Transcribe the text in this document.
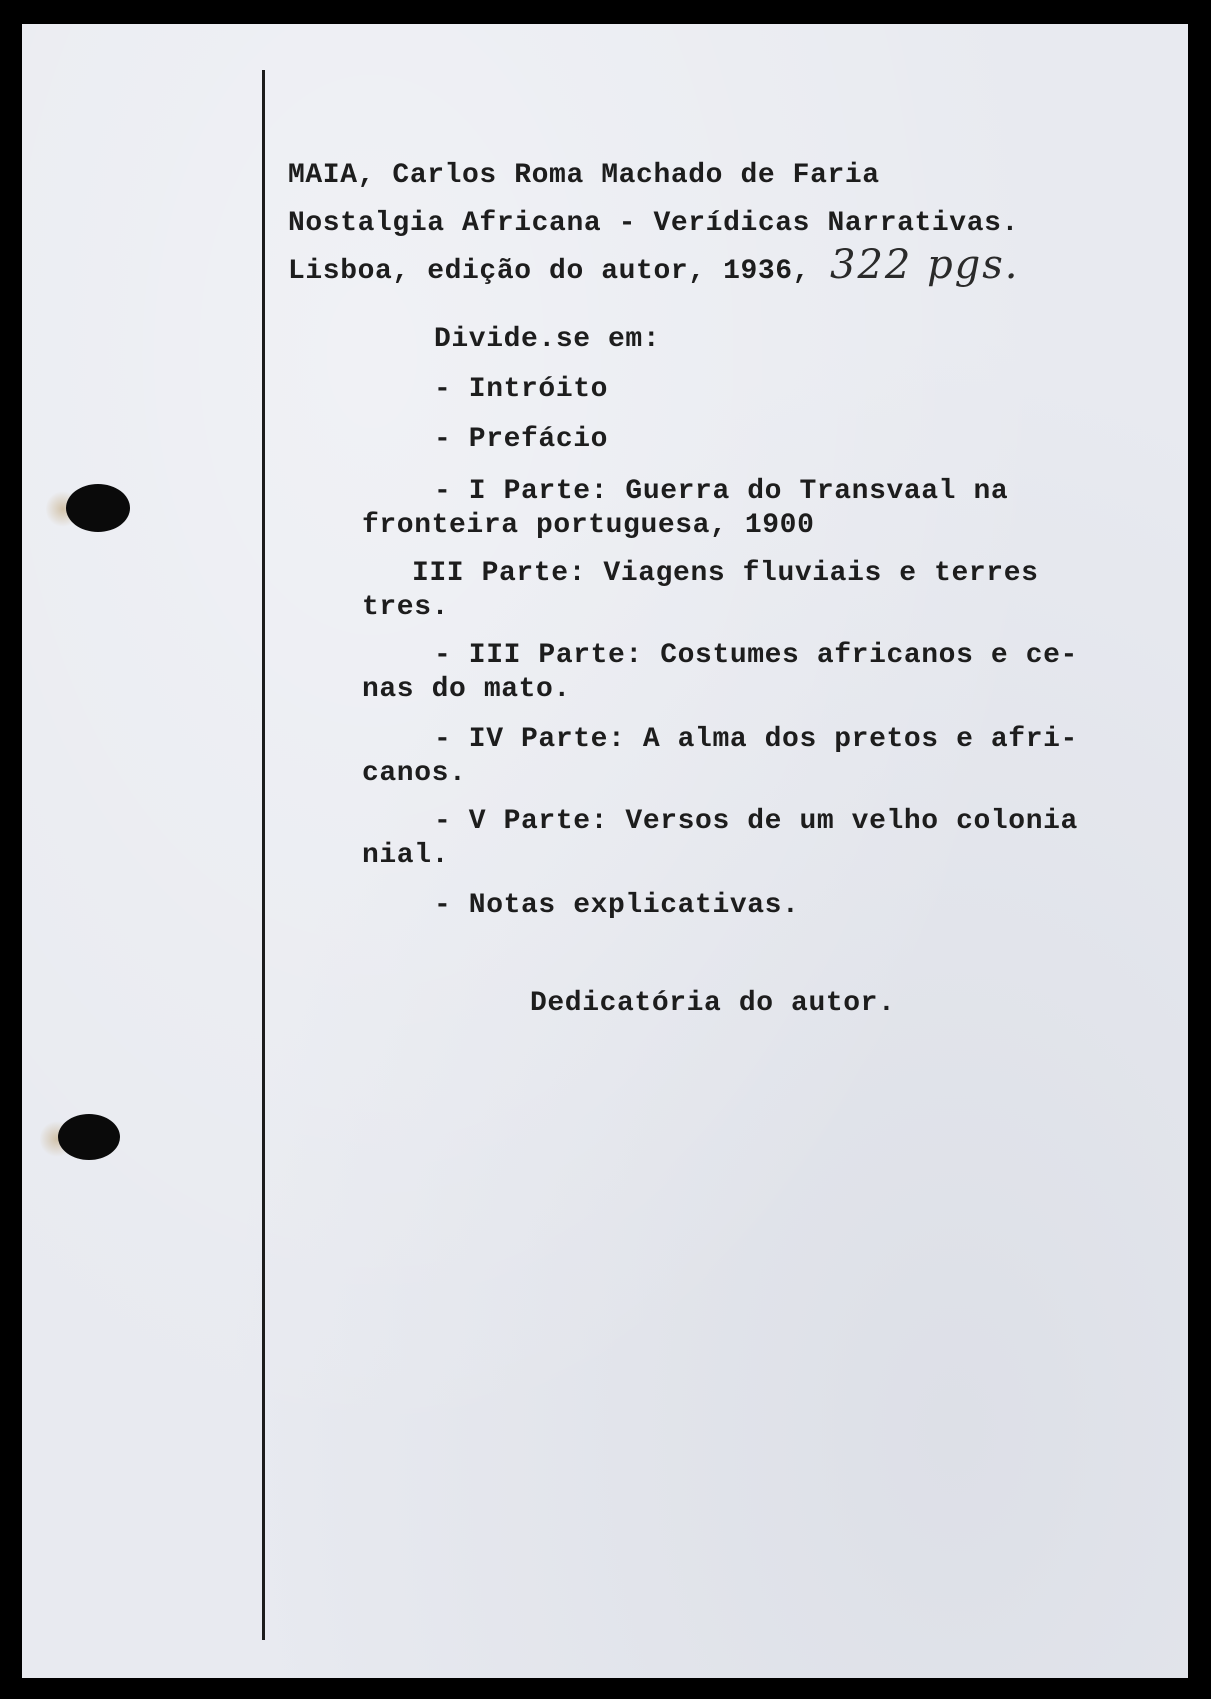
MAIA, Carlos Roma Machado de Faria
Nostalgia Africana - Verídicas Narrativas.
Lisboa, edição do autor, 1936, 322 pgs.
Divide.se em:
- Intróito
- Prefácio
- I Parte: Guerra do Transvaal na
fronteira portuguesa, 1900
III Parte: Viagens fluviais e terres
tres.
- III Parte: Costumes africanos e ce-
nas do mato.
- IV Parte: A alma dos pretos e afri-
canos.
- V Parte: Versos de um velho colonia
nial.
- Notas explicativas.
Dedicatória do autor.
